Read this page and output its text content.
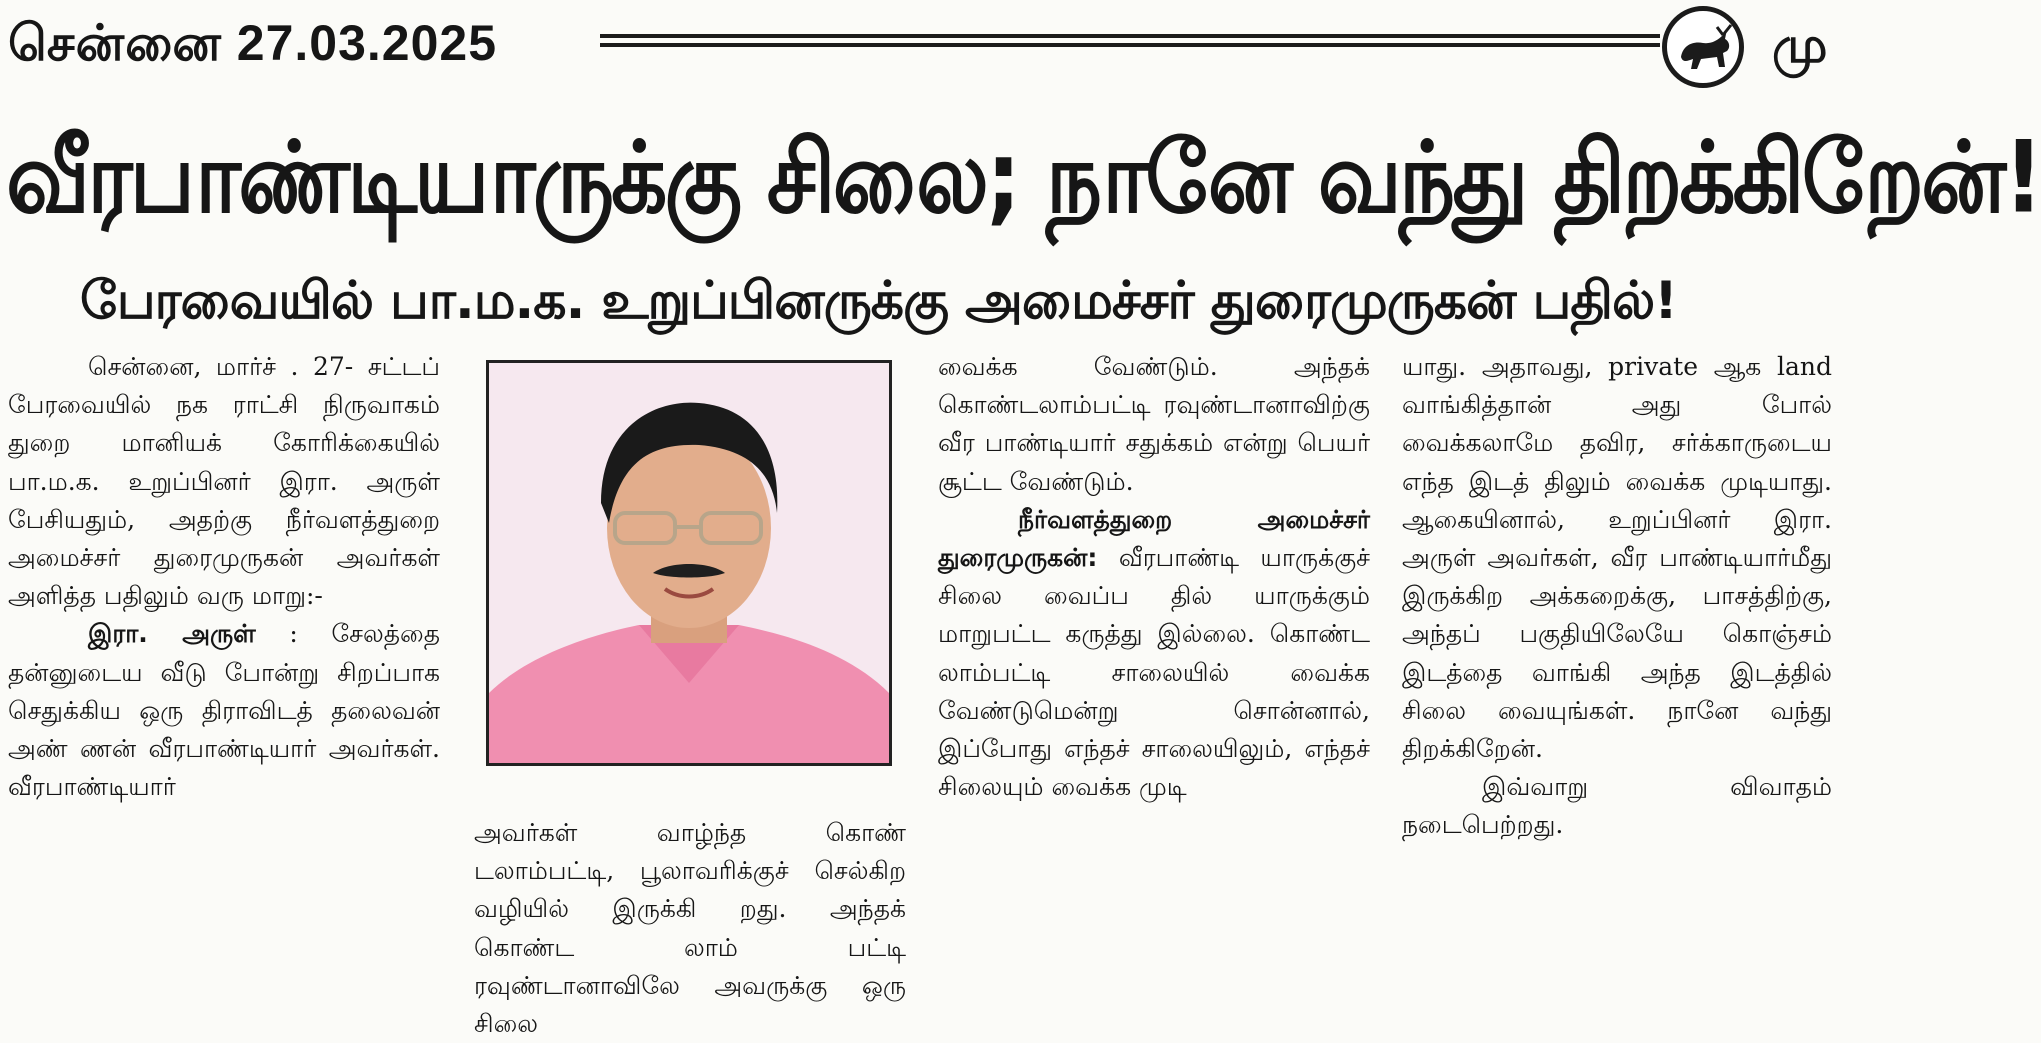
சென்னை 27.03.2025	மு
வீரபாண்டியாருக்கு சிலை; நானே வந்து திறக்கிறேன்!
பேரவையில் பா.ம.க. உறுப்பினருக்கு அமைச்சர் துரைமுருகன் பதில்!

சென்னை, மார்ச் . 27- சட்டப் பேரவையில் நக ராட்சி நிருவாகம் துறை மானியக் கோரிக்கையில் பா.ம.க. உறுப்பினர் இரா. அருள் பேசியதும், அதற்கு நீர்வளத்துறை அமைச்சர் துரைமுருகன் அவர்கள் அளித்த பதிலும் வரு மாறு:-

இரா. அருள் : சேலத்தை தன்னுடைய வீடு போன்று சிறப்பாக செதுக்கிய ஒரு திராவிடத் தலைவன் அண் ணன் வீரபாண்டியார் அவர்கள். வீரபாண்டியார்

அவர்கள் வாழ்ந்த கொண் டலாம்பட்டி, பூலாவரிக்குச் செல்கிற வழியில் இருக்கி றது. அந்தக் கொண்ட லாம் பட்டி ரவுண்டானாவிலே அவருக்கு ஒரு சிலை

வைக்க வேண்டும். அந்தக் கொண்டலாம்பட்டி ரவுண்டானாவிற்கு வீர பாண்டியார் சதுக்கம் என்று பெயர் சூட்ட வேண்டும்.

நீர்வளத்துறை அமைச்சர் துரைமுருகன்: வீரபாண்டி யாருக்குச் சிலை வைப்ப தில் யாருக்கும் மாறுபட்ட கருத்து இல்லை. கொண்ட லாம்பட்டி சாலையில் வைக்க வேண்டுமென்று சொன்னால், இப்போது எந்தச் சாலையிலும், எந்தச் சிலையும் வைக்க முடி

யாது. அதாவது, private ஆக land வாங்கித்தான் அது போல் வைக்கலாமே தவிர, சர்க்காருடைய எந்த இடத் திலும் வைக்க முடியாது. ஆகையினால், உறுப்பினர் இரா. அருள் அவர்கள், வீர பாண்டியார்மீது இருக்கிற அக்கறைக்கு, பாசத்திற்கு, அந்தப் பகுதியிலேயே கொஞ்சம் இடத்தை வாங்கி அந்த இடத்தில் சிலை வையுங்கள். நானே வந்து திறக்கிறேன்.

இவ்வாறு விவாதம் நடைபெற்றது.
